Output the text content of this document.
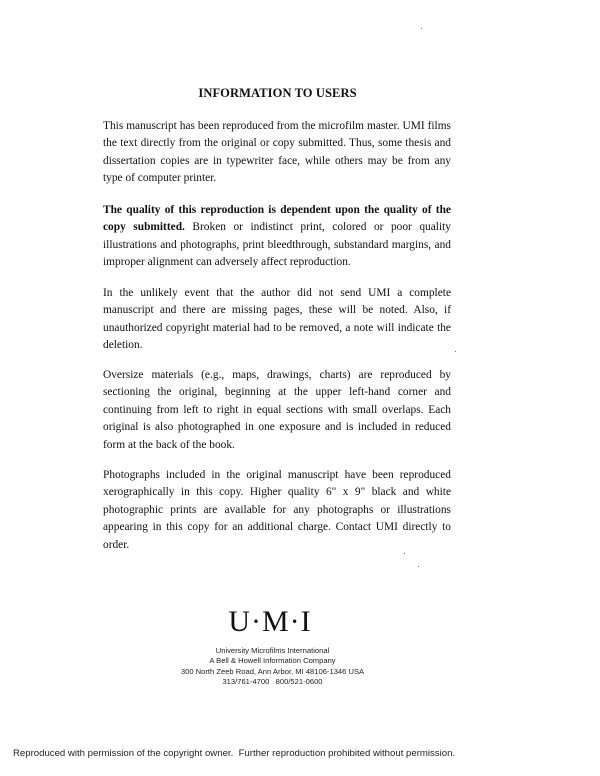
INFORMATION TO USERS

This manuscript has been reproduced from the microfilm master. UMI films the text directly from the original or copy submitted. Thus, some thesis and dissertation copies are in typewriter face, while others may be from any type of computer printer.

The quality of this reproduction is dependent upon the quality of the copy submitted. Broken or indistinct print, colored or poor quality illustrations and photographs, print bleedthrough, substandard margins, and improper alignment can adversely affect reproduction.

In the unlikely event that the author did not send UMI a complete manuscript and there are missing pages, these will be noted. Also, if unauthorized copyright material had to be removed, a note will indicate the deletion.

Oversize materials (e.g., maps, drawings, charts) are reproduced by sectioning the original, beginning at the upper left-hand corner and continuing from left to right in equal sections with small overlaps. Each original is also photographed in one exposure and is included in reduced form at the back of the book.

Photographs included in the original manuscript have been reproduced xerographically in this copy. Higher quality 6" x 9" black and white photographic prints are available for any photographs or illustrations appearing in this copy for an additional charge. Contact UMI directly to order.

U·M·I
University Microfilms International
A Bell & Howell Information Company
300 North Zeeb Road, Ann Arbor, MI 48106-1346 USA
313/761-4700   800/521-0600
Reproduced with permission of the copyright owner.  Further reproduction prohibited without permission.
